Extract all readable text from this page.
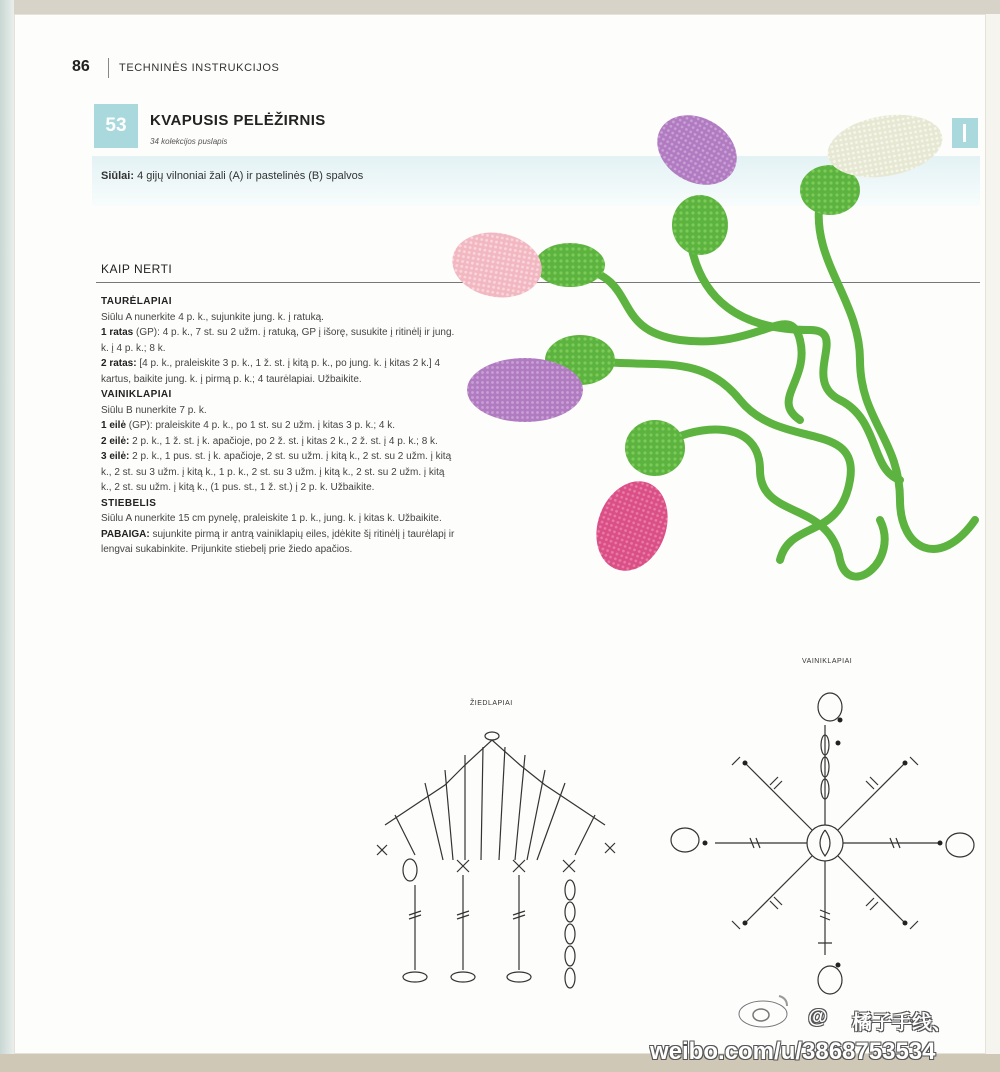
86	TECHNINĖS INSTRUKCIJOS
53	KVAPUSIS PELĖŽIRNIS
34 kolekcijos puslapis
Siūlai: 4 gijų vilnoniai žali (A) ir pastelinės (B) spalvos
KAIP NERTI

TAURĖLAPIAI

Siūlu A nunerkite 4 p. k., sujunkite jung. k. į ratuką.

1 ratas (GP): 4 p. k., 7 st. su 2 užm. į ratuką, GP į išorę, susukite į ritinėlį ir jung. k. į 4 p. k.; 8 k.

2 ratas: [4 p. k., praleiskite 3 p. k., 1 ž. st. į kitą p. k., po jung. k. į kitas 2 k.] 4 kartus, baikite jung. k. į pirmą p. k.; 4 taurėlapiai. Užbaikite.

VAINIKLAPIAI

Siūlu B nunerkite 7 p. k.

1 eilė (GP): praleiskite 4 p. k., po 1 st. su 2 užm. į kitas 3 p. k.; 4 k.

2 eilė: 2 p. k., 1 ž. st. į k. apačioje, po 2 ž. st. į kitas 2 k., 2 ž. st. į 4 p. k.; 8 k.

3 eilė: 2 p. k., 1 pus. st. į k. apačioje, 2 st. su užm. į kitą k., 2 st. su 2 užm. į kitą k., 2 st. su 3 užm. į kitą k., 1 p. k., 2 st. su 3 užm. į kitą k., 2 st. su 2 užm. į kitą k., 2 st. su užm. į kitą k., (1 pus. st., 1 ž. st.) į 2 p. k. Užbaikite.

STIEBELIS

Siūlu A nunerkite 15 cm pynelę, praleiskite 1 p. k., jung. k. į kitas k. Užbaikite.

PABAIGA: sujunkite pirmą ir antrą vainiklapių eiles, įdėkite šį ritinėlį į taurėlapį ir lengvai sukabinkite. Prijunkite stiebelį prie žiedo apačios.

ŽIEDLAPIAI
VAINIKLAPIAI
@ 橘子手线、
weibo.com/u/3868753534
